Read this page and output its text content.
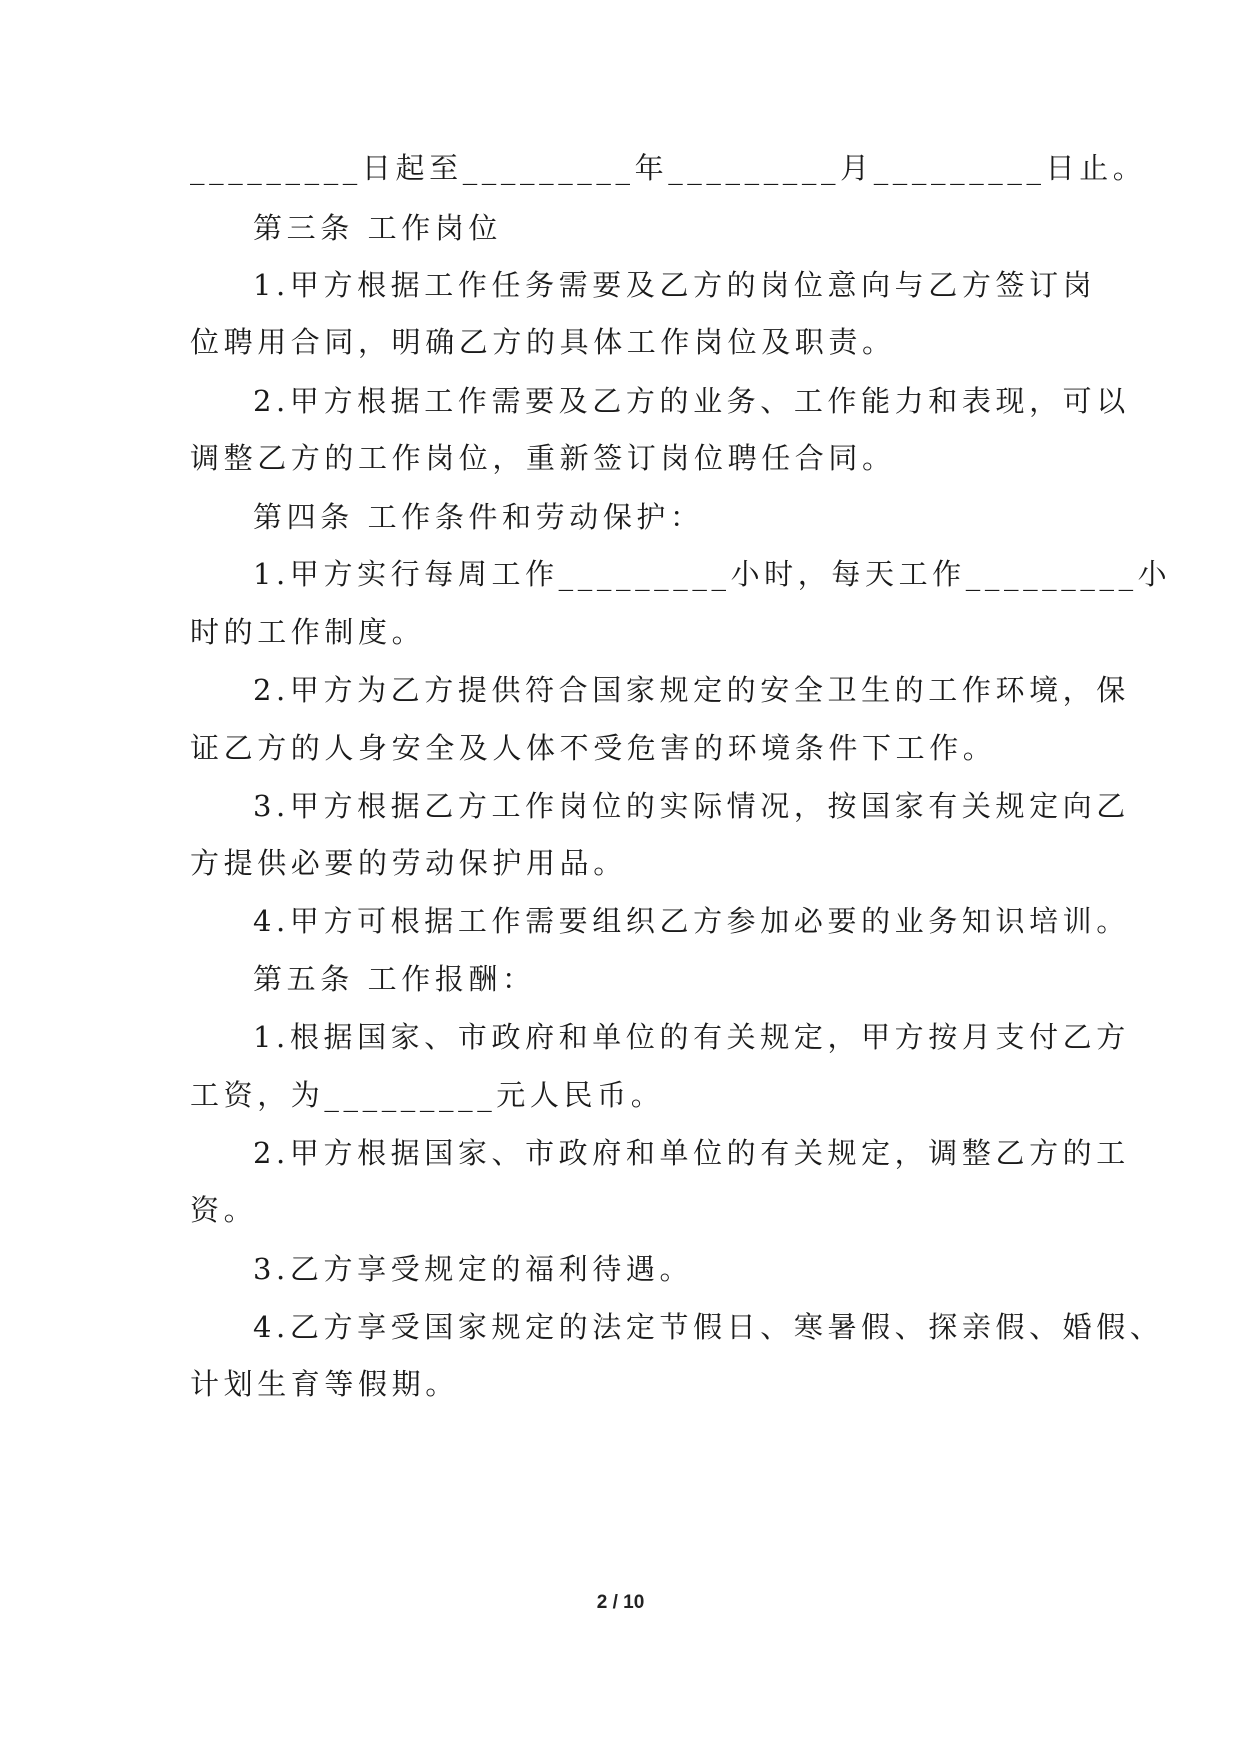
_________日起至_________年_________月_________日止。
第三条 工作岗位
1.甲方根据工作任务需要及乙方的岗位意向与乙方签订岗
位聘用合同，明确乙方的具体工作岗位及职责。
2.甲方根据工作需要及乙方的业务、工作能力和表现，可以
调整乙方的工作岗位，重新签订岗位聘任合同。
第四条 工作条件和劳动保护：
1.甲方实行每周工作_________小时，每天工作_________小
时的工作制度。
2.甲方为乙方提供符合国家规定的安全卫生的工作环境，保
证乙方的人身安全及人体不受危害的环境条件下工作。
3.甲方根据乙方工作岗位的实际情况，按国家有关规定向乙
方提供必要的劳动保护用品。
4.甲方可根据工作需要组织乙方参加必要的业务知识培训。
第五条 工作报酬：
1.根据国家、市政府和单位的有关规定，甲方按月支付乙方
工资，为_________元人民币。
2.甲方根据国家、市政府和单位的有关规定，调整乙方的工
资。
3.乙方享受规定的福利待遇。
4.乙方享受国家规定的法定节假日、寒暑假、探亲假、婚假、
计划生育等假期。
2 / 10
